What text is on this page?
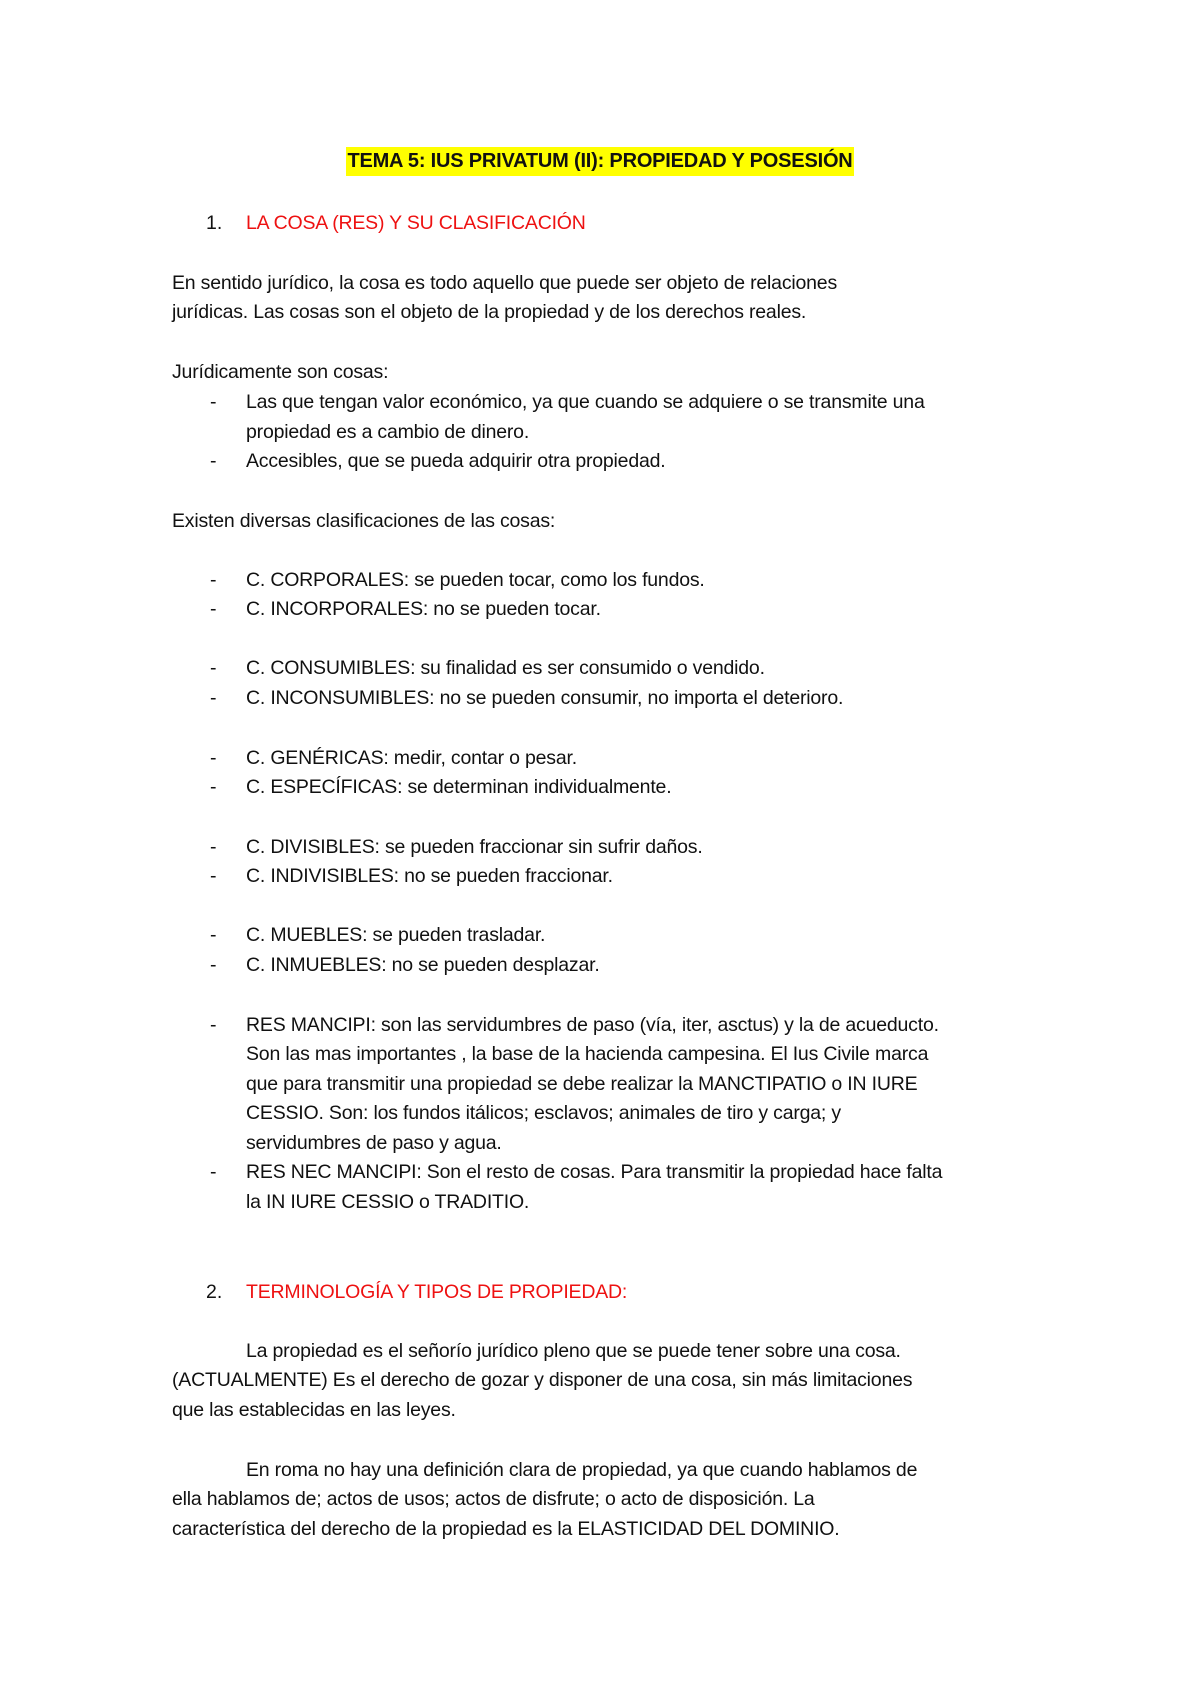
TEMA 5: IUS PRIVATUM (II): PROPIEDAD Y POSESIÓN
1. LA COSA (RES) Y SU CLASIFICACIÓN
En sentido jurídico, la cosa es todo aquello que puede ser objeto de relaciones
jurídicas. Las cosas son el objeto de la propiedad y de los derechos reales.
Jurídicamente son cosas:
- Las que tengan valor económico, ya que cuando se adquiere o se transmite una
propiedad es a cambio de dinero.
- Accesibles, que se pueda adquirir otra propiedad.
Existen diversas clasificaciones de las cosas:
- C. CORPORALES: se pueden tocar, como los fundos.
- C. INCORPORALES: no se pueden tocar.
- C. CONSUMIBLES: su finalidad es ser consumido o vendido.
- C. INCONSUMIBLES: no se pueden consumir, no importa el deterioro.
- C. GENÉRICAS: medir, contar o pesar.
- C. ESPECÍFICAS: se determinan individualmente.
- C. DIVISIBLES: se pueden fraccionar sin sufrir daños.
- C. INDIVISIBLES: no se pueden fraccionar.
- C. MUEBLES: se pueden trasladar.
- C. INMUEBLES: no se pueden desplazar.
- RES MANCIPI: son las servidumbres de paso (vía, iter, asctus) y la de acueducto.
Son las mas importantes , la base de la hacienda campesina. El Ius Civile marca
que para transmitir una propiedad se debe realizar la MANCTIPATIO o IN IURE
CESSIO. Son: los fundos itálicos; esclavos; animales de tiro y carga; y
servidumbres de paso y agua.
- RES NEC MANCIPI: Son el resto de cosas. Para transmitir la propiedad hace falta
la IN IURE CESSIO o TRADITIO.
2. TERMINOLOGÍA Y TIPOS DE PROPIEDAD:
La propiedad es el señorío jurídico pleno que se puede tener sobre una cosa.
(ACTUALMENTE) Es el derecho de gozar y disponer de una cosa, sin más limitaciones
que las establecidas en las leyes.
En roma no hay una definición clara de propiedad, ya que cuando hablamos de
ella hablamos de; actos de usos; actos de disfrute; o acto de disposición. La
característica del derecho de la propiedad es la ELASTICIDAD DEL DOMINIO.
